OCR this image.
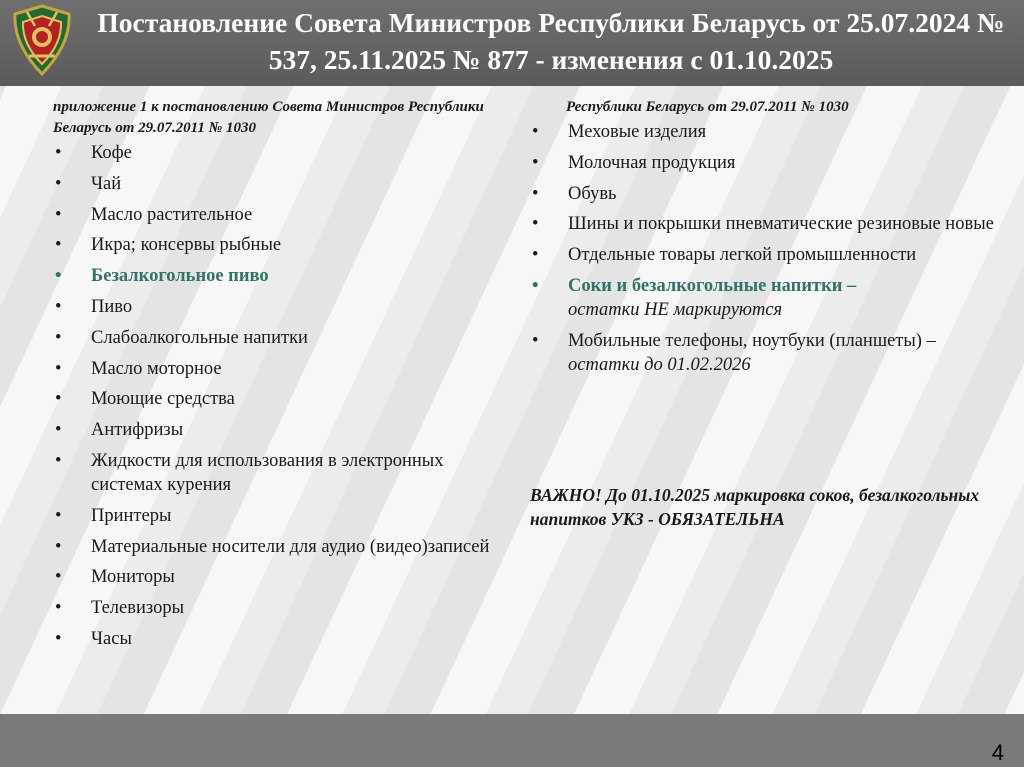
Постановление Совета Министров Республики Беларусь от 25.07.2024 № 537, 25.11.2025 № 877 - изменения с 01.10.2025

приложение 1 к постановлению Совета Министров Республики Беларусь от 29.07.2011 № 1030

• Кофе
• Чай
• Масло растительное
• Икра; консервы рыбные
• Безалкогольное пиво
• Пиво
• Слабоалкогольные напитки
• Масло моторное
• Моющие средства
• Антифризы
• Жидкости для использования в электронных системах курения
• Принтеры
• Материальные носители для аудио (видео)записей
• Мониторы
• Телевизоры
• Часы

Республики Беларусь от 29.07.2011 № 1030

• Меховые изделия
• Молочная продукция
• Обувь
• Шины и покрышки пневматические резиновые новые
• Отдельные товары легкой промышленности
• Соки и безалкогольные напитки –
остатки НЕ маркируются
• Мобильные телефоны, ноутбуки (планшеты) –
остатки до 01.02.2026

ВАЖНО! До 01.10.2025 маркировка соков, безалкогольных напитков УКЗ - ОБЯЗАТЕЛЬНА

4
